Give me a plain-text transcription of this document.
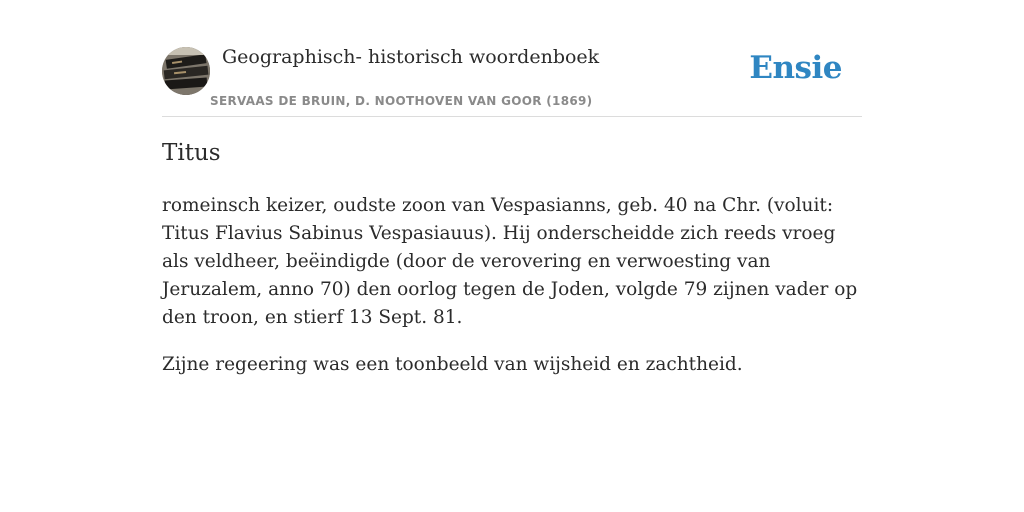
Geographisch- historisch woordenboek
SERVAAS DE BRUIN, D. NOOTHOVEN VAN GOOR (1869)
Ensie
Titus

romeinsch keizer, oudste zoon van Vespasianns, geb. 40 na Chr. (voluit: Titus Flavius Sabinus Vespasiauus). Hij onderscheidde zich reeds vroeg als veldheer, beëindigde (door de verovering en verwoesting van Jeruzalem, anno 70) den oorlog tegen de Joden, volgde 79 zijnen vader op den troon, en stierf 13 Sept. 81.

Zijne regeering was een toonbeeld van wijsheid en zachtheid.
